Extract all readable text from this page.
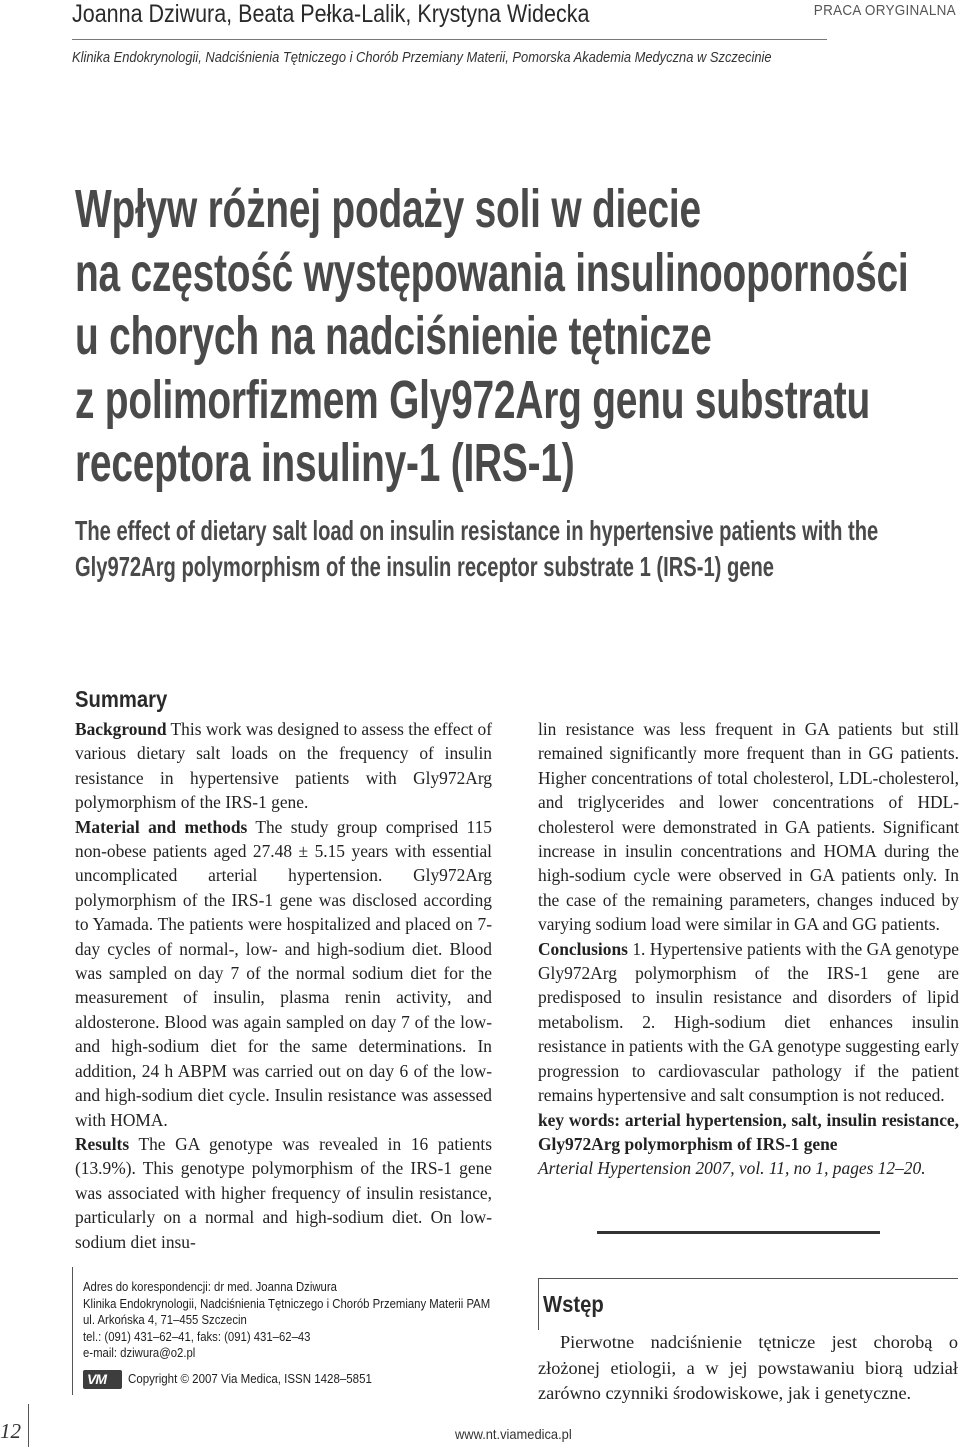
Joanna Dziwura, Beata Pełka-Lalik, Krystyna Widecka	PRACA ORYGINALNA
Klinika Endokrynologii, Nadciśnienia Tętniczego i Chorób Przemiany Materii, Pomorska Akademia Medyczna w Szczecinie
Wpływ różnej podaży soli w diecie
na częstość występowania insulinooporności
u chorych na nadciśnienie tętnicze
z polimorfizmem Gly972Arg genu substratu
receptora insuliny-1 (IRS-1)
The effect of dietary salt load on insulin resistance in hypertensive patients with the
Gly972Arg polymorphism of the insulin receptor substrate 1 (IRS-1) gene
Summary

Background This work was designed to assess the effect of various dietary salt loads on the frequency of insulin resistance in hypertensive patients with Gly972Arg polymorphism of the IRS-1 gene.

Material and methods The study group comprised 115 non-obese patients aged 27.48 ± 5.15 years with essential uncomplicated arterial hypertension. Gly972Arg polymorphism of the IRS-1 gene was disclosed according to Yamada. The patients were hospitalized and placed on 7-day cycles of normal-, low- and high-sodium diet. Blood was sampled on day 7 of the normal sodium diet for the measurement of insulin, plasma renin activity, and aldosterone. Blood was again sampled on day 7 of the low- and high-sodium diet for the same determinations. In addition, 24 h ABPM was carried out on day 6 of the low- and high-sodium diet cycle. Insulin resistance was assessed with HOMA.

Results The GA genotype was revealed in 16 patients (13.9%). This genotype polymorphism of the IRS-1 gene was associated with higher frequency of insulin resistance, particularly on a normal and high-sodium diet. On low-sodium diet insu-

lin resistance was less frequent in GA patients but still remained significantly more frequent than in GG patients. Higher concentrations of total cholesterol, LDL-cholesterol, and triglycerides and lower concentrations of HDL-cholesterol were demonstrated in GA patients. Significant increase in insulin concentrations and HOMA during the high-sodium cycle were observed in GA patients only. In the case of the remaining parameters, changes induced by varying sodium load were similar in GA and GG patients.

Conclusions 1. Hypertensive patients with the GA genotype Gly972Arg polymorphism of the IRS-1 gene are predisposed to insulin resistance and disorders of lipid metabolism. 2. High-sodium diet enhances insulin resistance in patients with the GA genotype suggesting early progression to cardiovascular pathology if the patient remains hypertensive and salt consumption is not reduced.

key words: arterial hypertension, salt, insulin resistance, Gly972Arg polymorphism of IRS-1 gene

Arterial Hypertension 2007, vol. 11, no 1, pages 12–20.

Adres do korespondencji: dr med. Joanna Dziwura
Klinika Endokrynologii, Nadciśnienia Tętniczego i Chorób Przemiany Materii PAM
ul. Arkońska 4, 71–455 Szczecin
tel.: (091) 431–62–41, faks: (091) 431–62–43
e-mail: dziwura@o2.pl
VM Copyright © 2007 Via Medica, ISSN 1428–5851
Wstęp

Pierwotne nadciśnienie tętnicze jest chorobą o złożonej etiologii, a w jej powstawaniu biorą udział zarówno czynniki środowiskowe, jak i genetyczne.

12	www.nt.viamedica.pl
